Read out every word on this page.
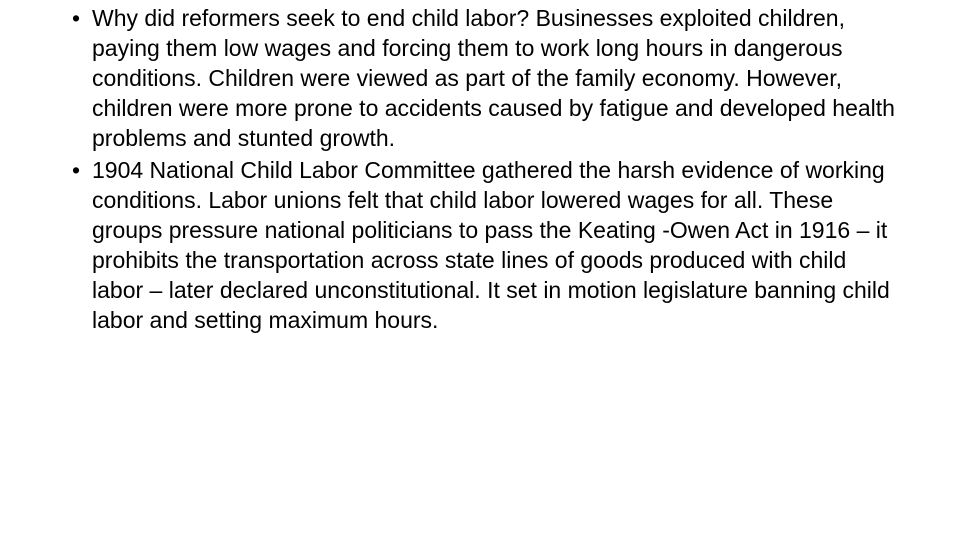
• Why did reformers seek to end child labor? Businesses exploited children, paying them low wages and forcing them to work long hours in dangerous conditions. Children were viewed as part of the family economy. However, children were more prone to accidents caused by fatigue and developed health problems and stunted growth.
• 1904 National Child Labor Committee gathered the harsh evidence of working conditions. Labor unions felt that child labor lowered wages for all. These groups pressure national politicians to pass the Keating -Owen Act in 1916 – it prohibits the transportation across state lines of goods produced with child labor – later declared unconstitutional. It set in motion legislature banning child labor and setting maximum hours.
